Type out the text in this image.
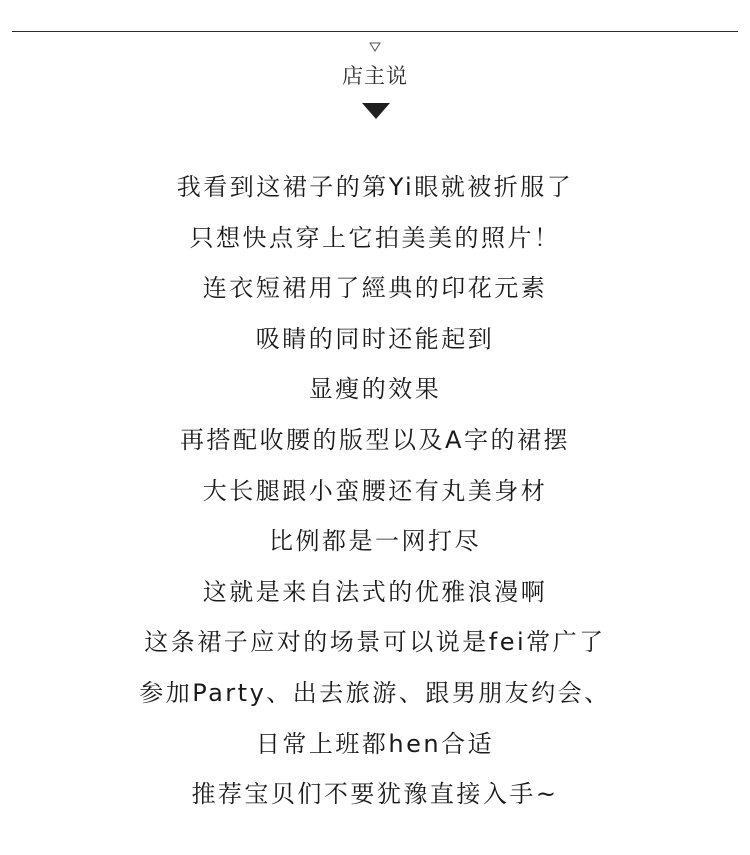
店主说
我看到这裙子的第Yi眼就被折服了
只想快点穿上它拍美美的照片！
连衣短裙用了經典的印花元素
吸睛的同时还能起到
显瘦的效果
再搭配收腰的版型以及A字的裙摆
大长腿跟小蛮腰还有丸美身材
比例都是一网打尽
这就是来自法式的优雅浪漫啊
这条裙子应对的场景可以说是fei常广了
参加Party、出去旅游、跟男朋友约会、
日常上班都hen合适
推荐宝贝们不要犹豫直接入手~
